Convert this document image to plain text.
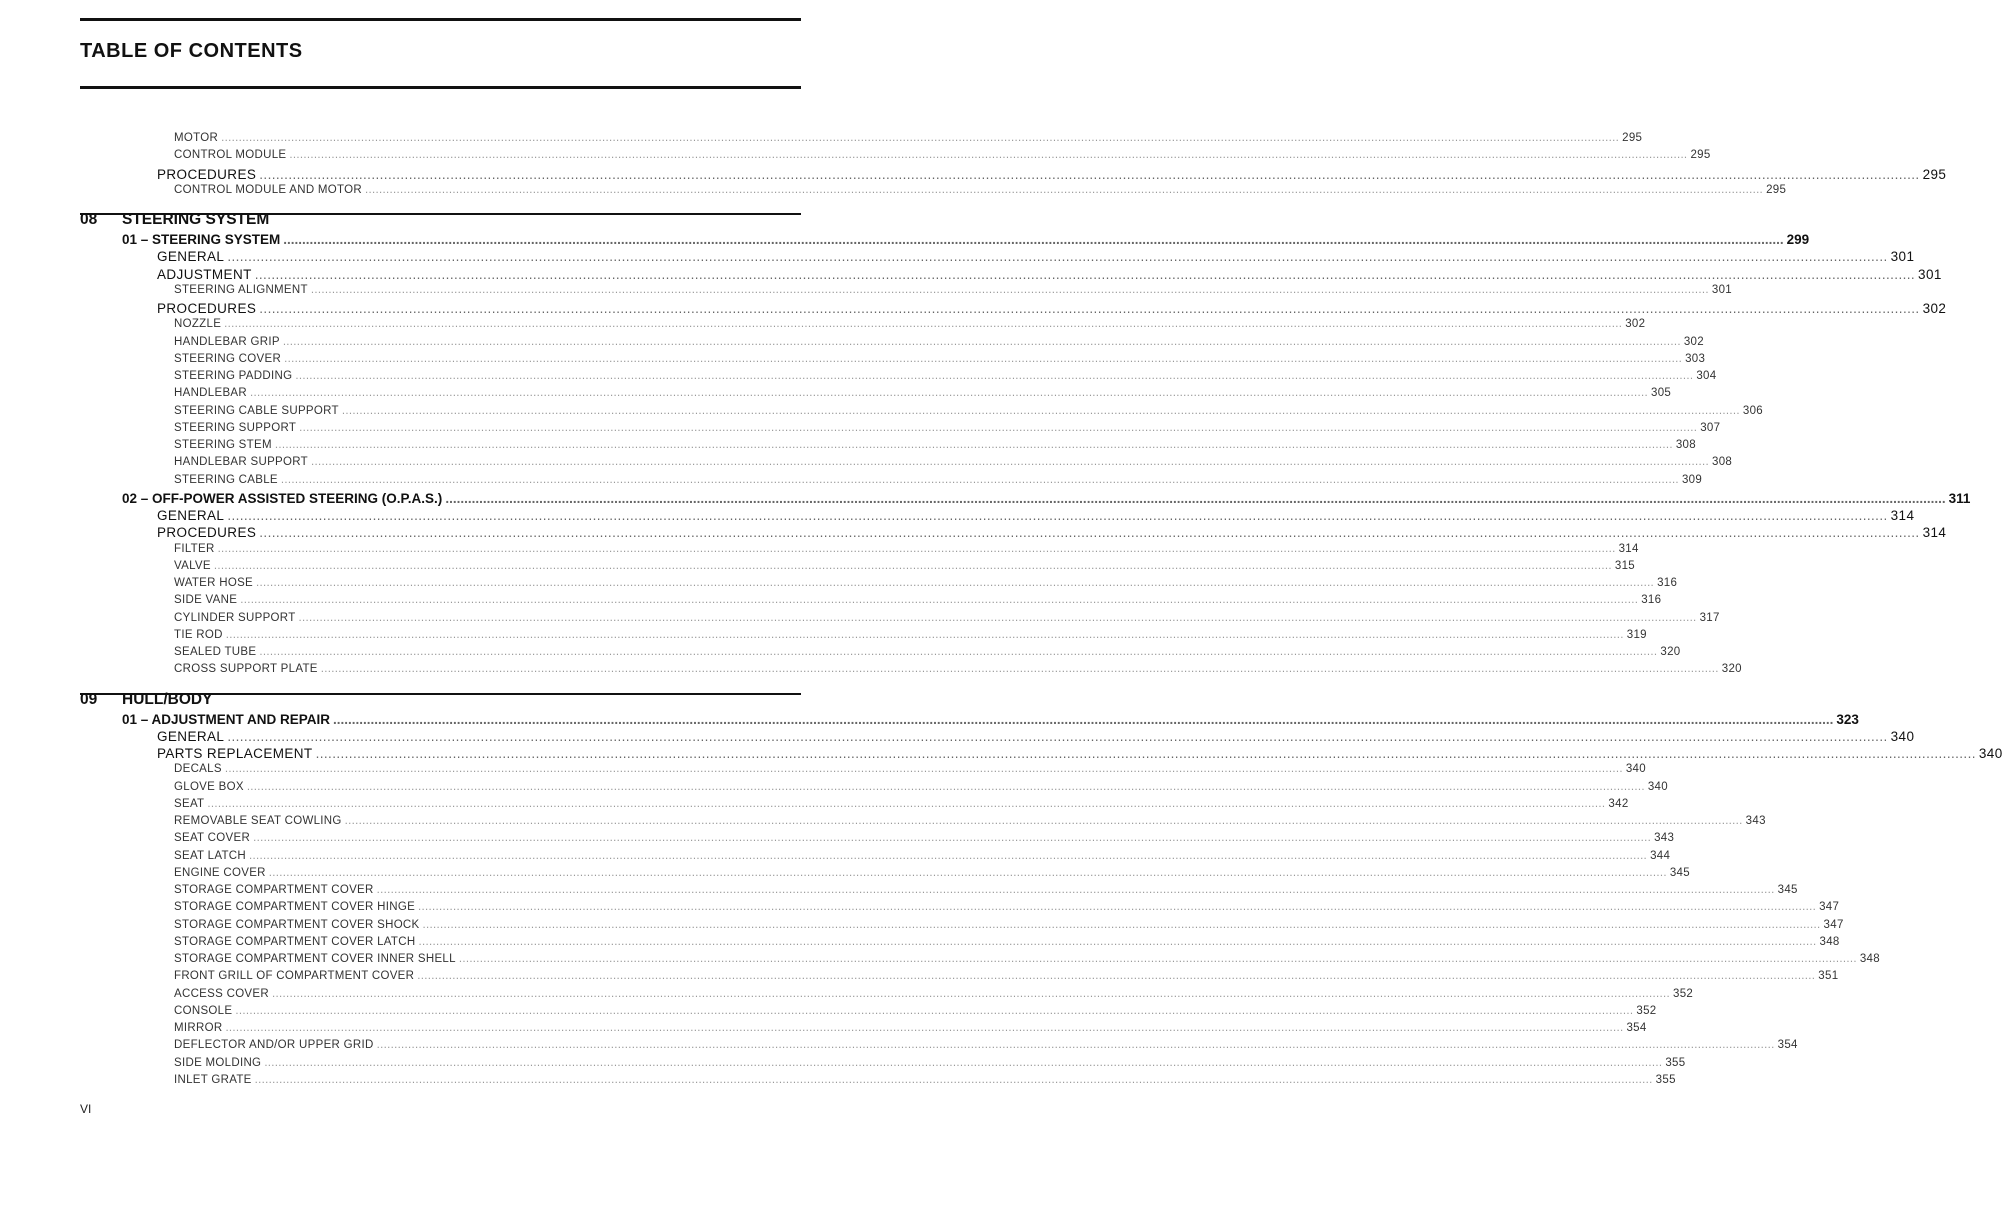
TABLE OF CONTENTS
MOTOR ................................................................................................................................................................................................................................................................................................................................................................................................................ 295
CONTROL MODULE ................................................................................................................................................................................................................................................................................................................................................................................................................ 295
PROCEDURES ................................................................................................................................................................................................................................................................................................................................................................................................................ 295
CONTROL MODULE AND MOTOR ................................................................................................................................................................................................................................................................................................................................................................................................................ 295
08	STEERING SYSTEM
01 – STEERING SYSTEM ................................................................................................................................................................................................................................................................................................................................................................................................................ 299
GENERAL ................................................................................................................................................................................................................................................................................................................................................................................................................ 301
ADJUSTMENT ................................................................................................................................................................................................................................................................................................................................................................................................................ 301
STEERING ALIGNMENT ................................................................................................................................................................................................................................................................................................................................................................................................................ 301
PROCEDURES ................................................................................................................................................................................................................................................................................................................................................................................................................ 302
NOZZLE ................................................................................................................................................................................................................................................................................................................................................................................................................ 302
HANDLEBAR GRIP ................................................................................................................................................................................................................................................................................................................................................................................................................ 302
STEERING COVER ................................................................................................................................................................................................................................................................................................................................................................................................................ 303
STEERING PADDING ................................................................................................................................................................................................................................................................................................................................................................................................................ 304
HANDLEBAR ................................................................................................................................................................................................................................................................................................................................................................................................................ 305
STEERING CABLE SUPPORT ................................................................................................................................................................................................................................................................................................................................................................................................................ 306
STEERING SUPPORT ................................................................................................................................................................................................................................................................................................................................................................................................................ 307
STEERING STEM ................................................................................................................................................................................................................................................................................................................................................................................................................ 308
HANDLEBAR SUPPORT ................................................................................................................................................................................................................................................................................................................................................................................................................ 308
STEERING CABLE ................................................................................................................................................................................................................................................................................................................................................................................................................ 309
02 – OFF-POWER ASSISTED STEERING (O.P.A.S.) ................................................................................................................................................................................................................................................................................................................................................................................................................ 311
GENERAL ................................................................................................................................................................................................................................................................................................................................................................................................................ 314
PROCEDURES ................................................................................................................................................................................................................................................................................................................................................................................................................ 314
FILTER ................................................................................................................................................................................................................................................................................................................................................................................................................ 314
VALVE ................................................................................................................................................................................................................................................................................................................................................................................................................ 315
WATER HOSE ................................................................................................................................................................................................................................................................................................................................................................................................................ 316
SIDE VANE ................................................................................................................................................................................................................................................................................................................................................................................................................ 316
CYLINDER SUPPORT ................................................................................................................................................................................................................................................................................................................................................................................................................ 317
TIE ROD ................................................................................................................................................................................................................................................................................................................................................................................................................ 319
SEALED TUBE ................................................................................................................................................................................................................................................................................................................................................................................................................ 320
CROSS SUPPORT PLATE ................................................................................................................................................................................................................................................................................................................................................................................................................ 320
09	HULL/BODY
01 – ADJUSTMENT AND REPAIR ................................................................................................................................................................................................................................................................................................................................................................................................................ 323
GENERAL ................................................................................................................................................................................................................................................................................................................................................................................................................ 340
PARTS REPLACEMENT ................................................................................................................................................................................................................................................................................................................................................................................................................ 340
DECALS ................................................................................................................................................................................................................................................................................................................................................................................................................ 340
GLOVE BOX ................................................................................................................................................................................................................................................................................................................................................................................................................ 340
SEAT ................................................................................................................................................................................................................................................................................................................................................................................................................ 342
REMOVABLE SEAT COWLING ................................................................................................................................................................................................................................................................................................................................................................................................................ 343
SEAT COVER ................................................................................................................................................................................................................................................................................................................................................................................................................ 343
SEAT LATCH ................................................................................................................................................................................................................................................................................................................................................................................................................ 344
ENGINE COVER ................................................................................................................................................................................................................................................................................................................................................................................................................ 345
STORAGE COMPARTMENT COVER ................................................................................................................................................................................................................................................................................................................................................................................................................ 345
STORAGE COMPARTMENT COVER HINGE ................................................................................................................................................................................................................................................................................................................................................................................................................ 347
STORAGE COMPARTMENT COVER SHOCK ................................................................................................................................................................................................................................................................................................................................................................................................................ 347
STORAGE COMPARTMENT COVER LATCH ................................................................................................................................................................................................................................................................................................................................................................................................................ 348
STORAGE COMPARTMENT COVER INNER SHELL ................................................................................................................................................................................................................................................................................................................................................................................................................ 348
FRONT GRILL OF COMPARTMENT COVER ................................................................................................................................................................................................................................................................................................................................................................................................................ 351
ACCESS COVER ................................................................................................................................................................................................................................................................................................................................................................................................................ 352
CONSOLE ................................................................................................................................................................................................................................................................................................................................................................................................................ 352
MIRROR ................................................................................................................................................................................................................................................................................................................................................................................................................ 354
DEFLECTOR AND/OR UPPER GRID ................................................................................................................................................................................................................................................................................................................................................................................................................ 354
SIDE MOLDING ................................................................................................................................................................................................................................................................................................................................................................................................................ 355
INLET GRATE ................................................................................................................................................................................................................................................................................................................................................................................................................ 355
VI
